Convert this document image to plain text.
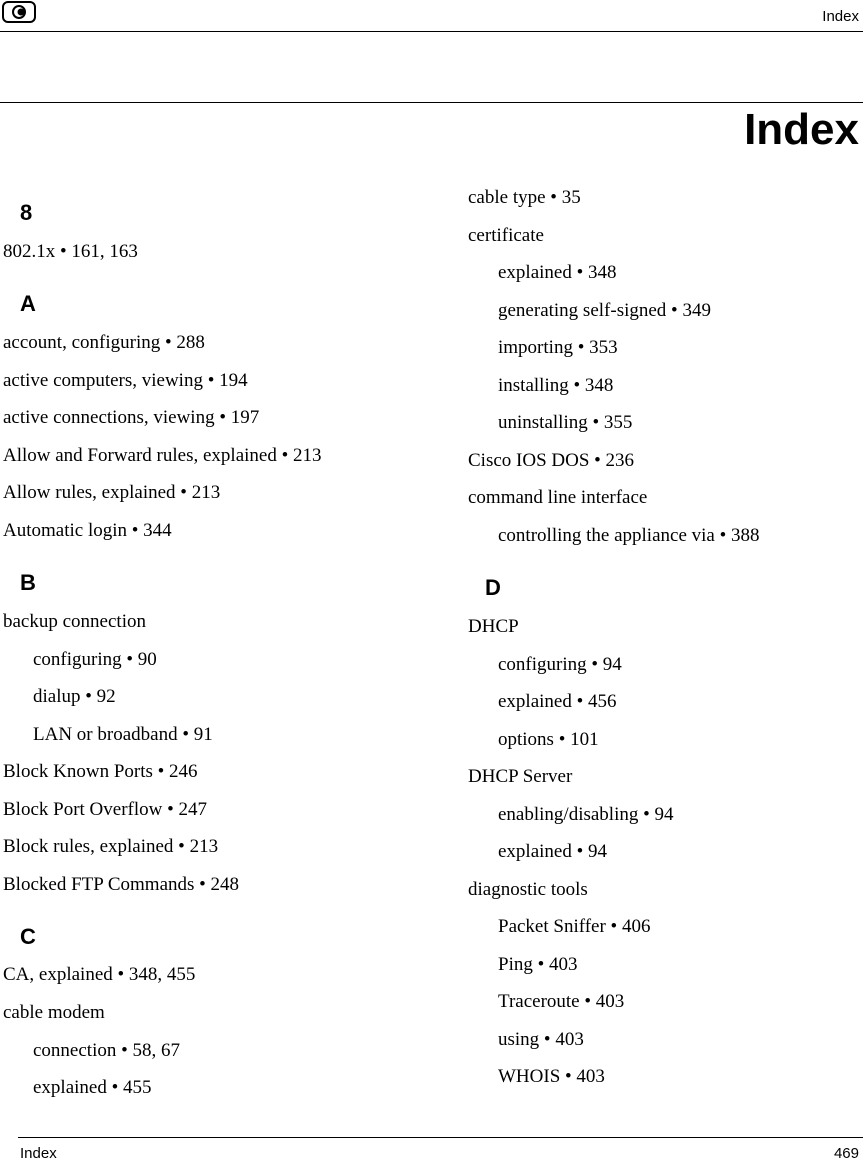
Index
Index
8
802.1x • 161, 163
A
account, configuring • 288
active computers, viewing • 194
active connections, viewing • 197
Allow and Forward rules, explained • 213
Allow rules, explained • 213
Automatic login • 344
B
backup connection
configuring • 90
dialup • 92
LAN or broadband • 91
Block Known Ports • 246
Block Port Overflow • 247
Block rules, explained • 213
Blocked FTP Commands • 248
C
CA, explained • 348, 455
cable modem
connection • 58, 67
explained • 455
cable type • 35
certificate
explained • 348
generating self-signed • 349
importing • 353
installing • 348
uninstalling • 355
Cisco IOS DOS • 236
command line interface
controlling the appliance via • 388
D
DHCP
configuring • 94
explained • 456
options • 101
DHCP Server
enabling/disabling • 94
explained • 94
diagnostic tools
Packet Sniffer • 406
Ping • 403
Traceroute • 403
using • 403
WHOIS • 403
Index	469
